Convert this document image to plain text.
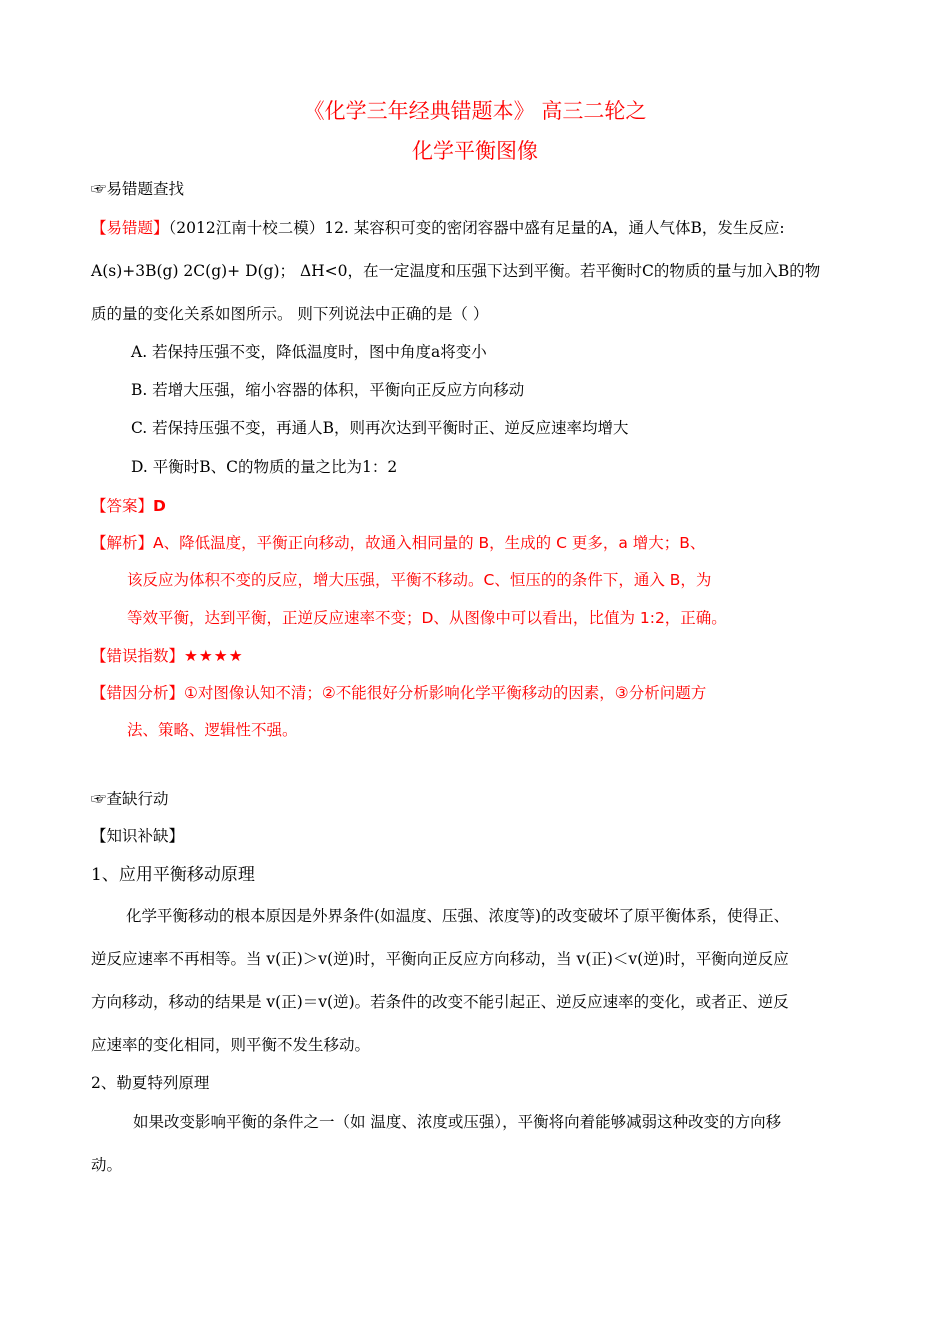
《化学三年经典错题本》 高三二轮之
化学平衡图像
☞易错题查找
【易错题】（2012江南十校二模）12. 某容积可变的密闭容器中盛有足量的A，通人气体B，发生反应:
A(s)+3B(g) 2C(g)+ D(g)； ΔH<0，在一定温度和压强下达到平衡。若平衡时C的物质的量与加入B的物
质的量的变化关系如图所示。 则下列说法中正确的是（ ）
A. 若保持压强不变，降低温度时，图中角度a将变小
B. 若增大压强，缩小容器的体积，平衡向正反应方向移动
C. 若保持压强不变，再通人B，则再次达到平衡时正、逆反应速率均增大
D. 平衡时B、C的物质的量之比为1：2
【答案】D
【解析】A、降低温度，平衡正向移动，故通入相同量的 B，生成的 C 更多，a 增大；B、
该反应为体积不变的反应，增大压强，平衡不移动。C、恒压的的条件下，通入 B，为
等效平衡，达到平衡，正逆反应速率不变；D、从图像中可以看出，比值为 1:2，正确。
【错误指数】★★★★
【错因分析】①对图像认知不清；②不能很好分析影响化学平衡移动的因素，③分析问题方
法、策略、逻辑性不强。
☞查缺行动
【知识补缺】
1、应用平衡移动原理
化学平衡移动的根本原因是外界条件(如温度、压强、浓度等)的改变破坏了原平衡体系，使得正、
逆反应速率不再相等。当 v(正)＞v(逆)时，平衡向正反应方向移动，当 v(正)＜v(逆)时，平衡向逆反应
方向移动，移动的结果是 v(正)＝v(逆)。若条件的改变不能引起正、逆反应速率的变化，或者正、逆反
应速率的变化相同，则平衡不发生移动。
2、勒夏特列原理
如果改变影响平衡的条件之一（如 温度、浓度或压强），平衡将向着能够减弱这种改变的方向移
动。
